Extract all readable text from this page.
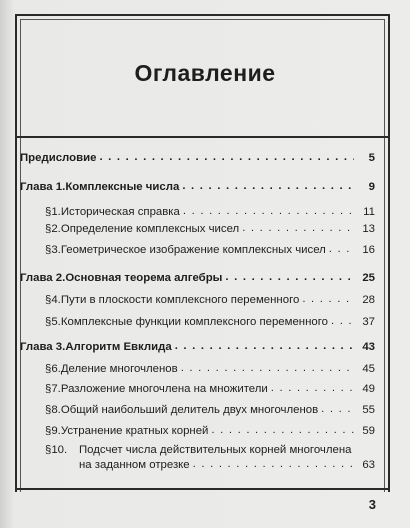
Оглавление
Предисловие . . .	5
Глава 1. Комплексные числа . . .	9
§1. Историческая справка . . .	11
§2. Определение комплексных чисел . . .	13
§3. Геометрическое изображение комплексных чисел . . .	16
Глава 2. Основная теорема алгебры . . .	25
§4. Пути в плоскости комплексного переменного . . .	28
§5. Комплексные функции комплексного переменного . . .	37
Глава 3. Алгоритм Евклида . . .	43
§6. Деление многочленов . . .	45
§7. Разложение многочлена на множители . . .	49
§8. Общий наибольший делитель двух многочленов . . .	55
§9. Устранение кратных корней . . .	59
§10.	Подсчет числа действительных корней многочлена
на заданном отрезке . . .	63
3
